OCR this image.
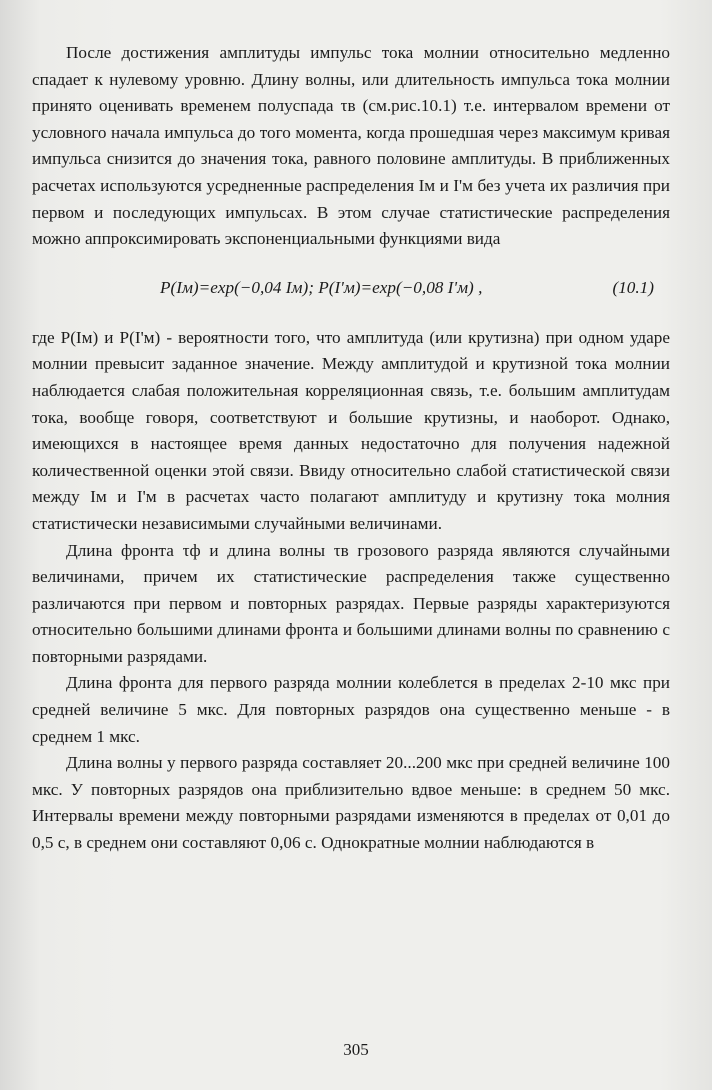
После достижения амплитуды импульс тока молнии относительно медленно спадает к нулевому уровню. Длину волны, или длительность импульса тока молнии принято оценивать временем полуспада τв (см.рис.10.1) т.е. интервалом времени от условного начала импульса до того момента, когда прошедшая через максимум кривая импульса снизится до значения тока, равного половине амплитуды. В приближенных расчетах используются усредненные распределения Iм и I'м без учета их различия при первом и последующих импульсах. В этом случае статистические распределения можно аппроксимировать экспоненциальными функциями вида

P(Iм)=exp(−0,04 Iм); P(I'м)=exp(−0,08 I'м) ,	(10.1)

где P(Iм) и P(I'м) - вероятности того, что амплитуда (или крутизна) при одном ударе молнии превысит заданное значение. Между амплитудой и крутизной тока молнии наблюдается слабая положительная корреляционная связь, т.е. большим амплитудам тока, вообще говоря, соответствуют и большие крутизны, и наоборот. Однако, имеющихся в настоящее время данных недостаточно для получения надежной количественной оценки этой связи. Ввиду относительно слабой статистической связи между Iм и I'м в расчетах часто полагают амплитуду и крутизну тока молния статистически независимыми случайными величинами.

Длина фронта τф и длина волны τв грозового разряда являются случайными величинами, причем их статистические распределения также существенно различаются при первом и повторных разрядах. Первые разряды характеризуются относительно большими длинами фронта и большими длинами волны по сравнению с повторными разрядами.

Длина фронта для первого разряда молнии колеблется в пределах 2-10 мкс при средней величине 5 мкс. Для повторных разрядов она существенно меньше - в среднем 1 мкс.

Длина волны у первого разряда составляет 20...200 мкс при средней величине 100 мкс. У повторных разрядов она приблизительно вдвое меньше: в среднем 50 мкс. Интервалы времени между повторными разрядами изменяются в пределах от 0,01 до 0,5 с, в среднем они составляют 0,06 с. Однократные молнии наблюдаются в

305
